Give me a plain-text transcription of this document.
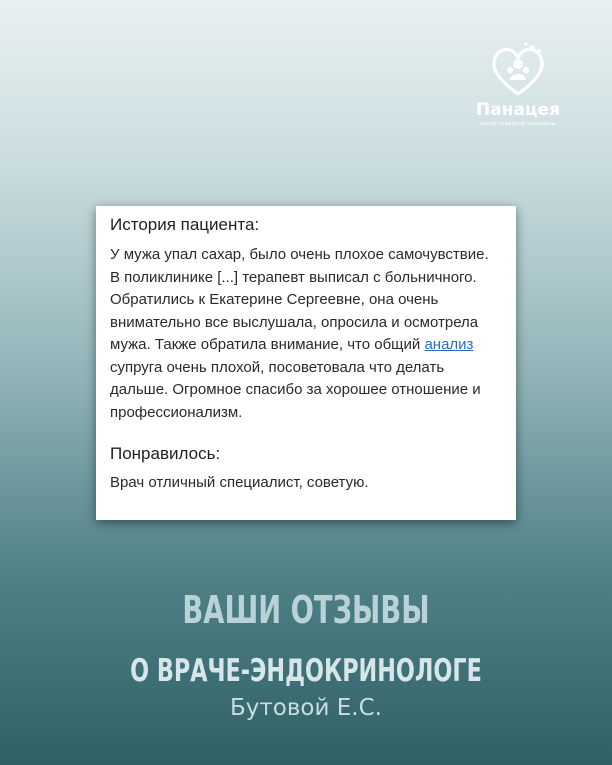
Панацея
центр семейной медицины
История пациента:

У мужа упал сахар, было очень плохое самочувствие. В поликлинике [...] терапевт выписал с больничного. Обратились к Екатерине Сергеевне, она очень внимательно все выслушала, опросила и осмотрела мужа. Также обратила внимание, что общий анализ супруга очень плохой, посоветовала что делать дальше. Огромное спасибо за хорошее отношение и профессионализм.

Понравилось:

Врач отличный специалист, советую.

ВАШИ ОТЗЫВЫ
О ВРАЧЕ-ЭНДОКРИНОЛОГЕ
Бутовой Е.С.
